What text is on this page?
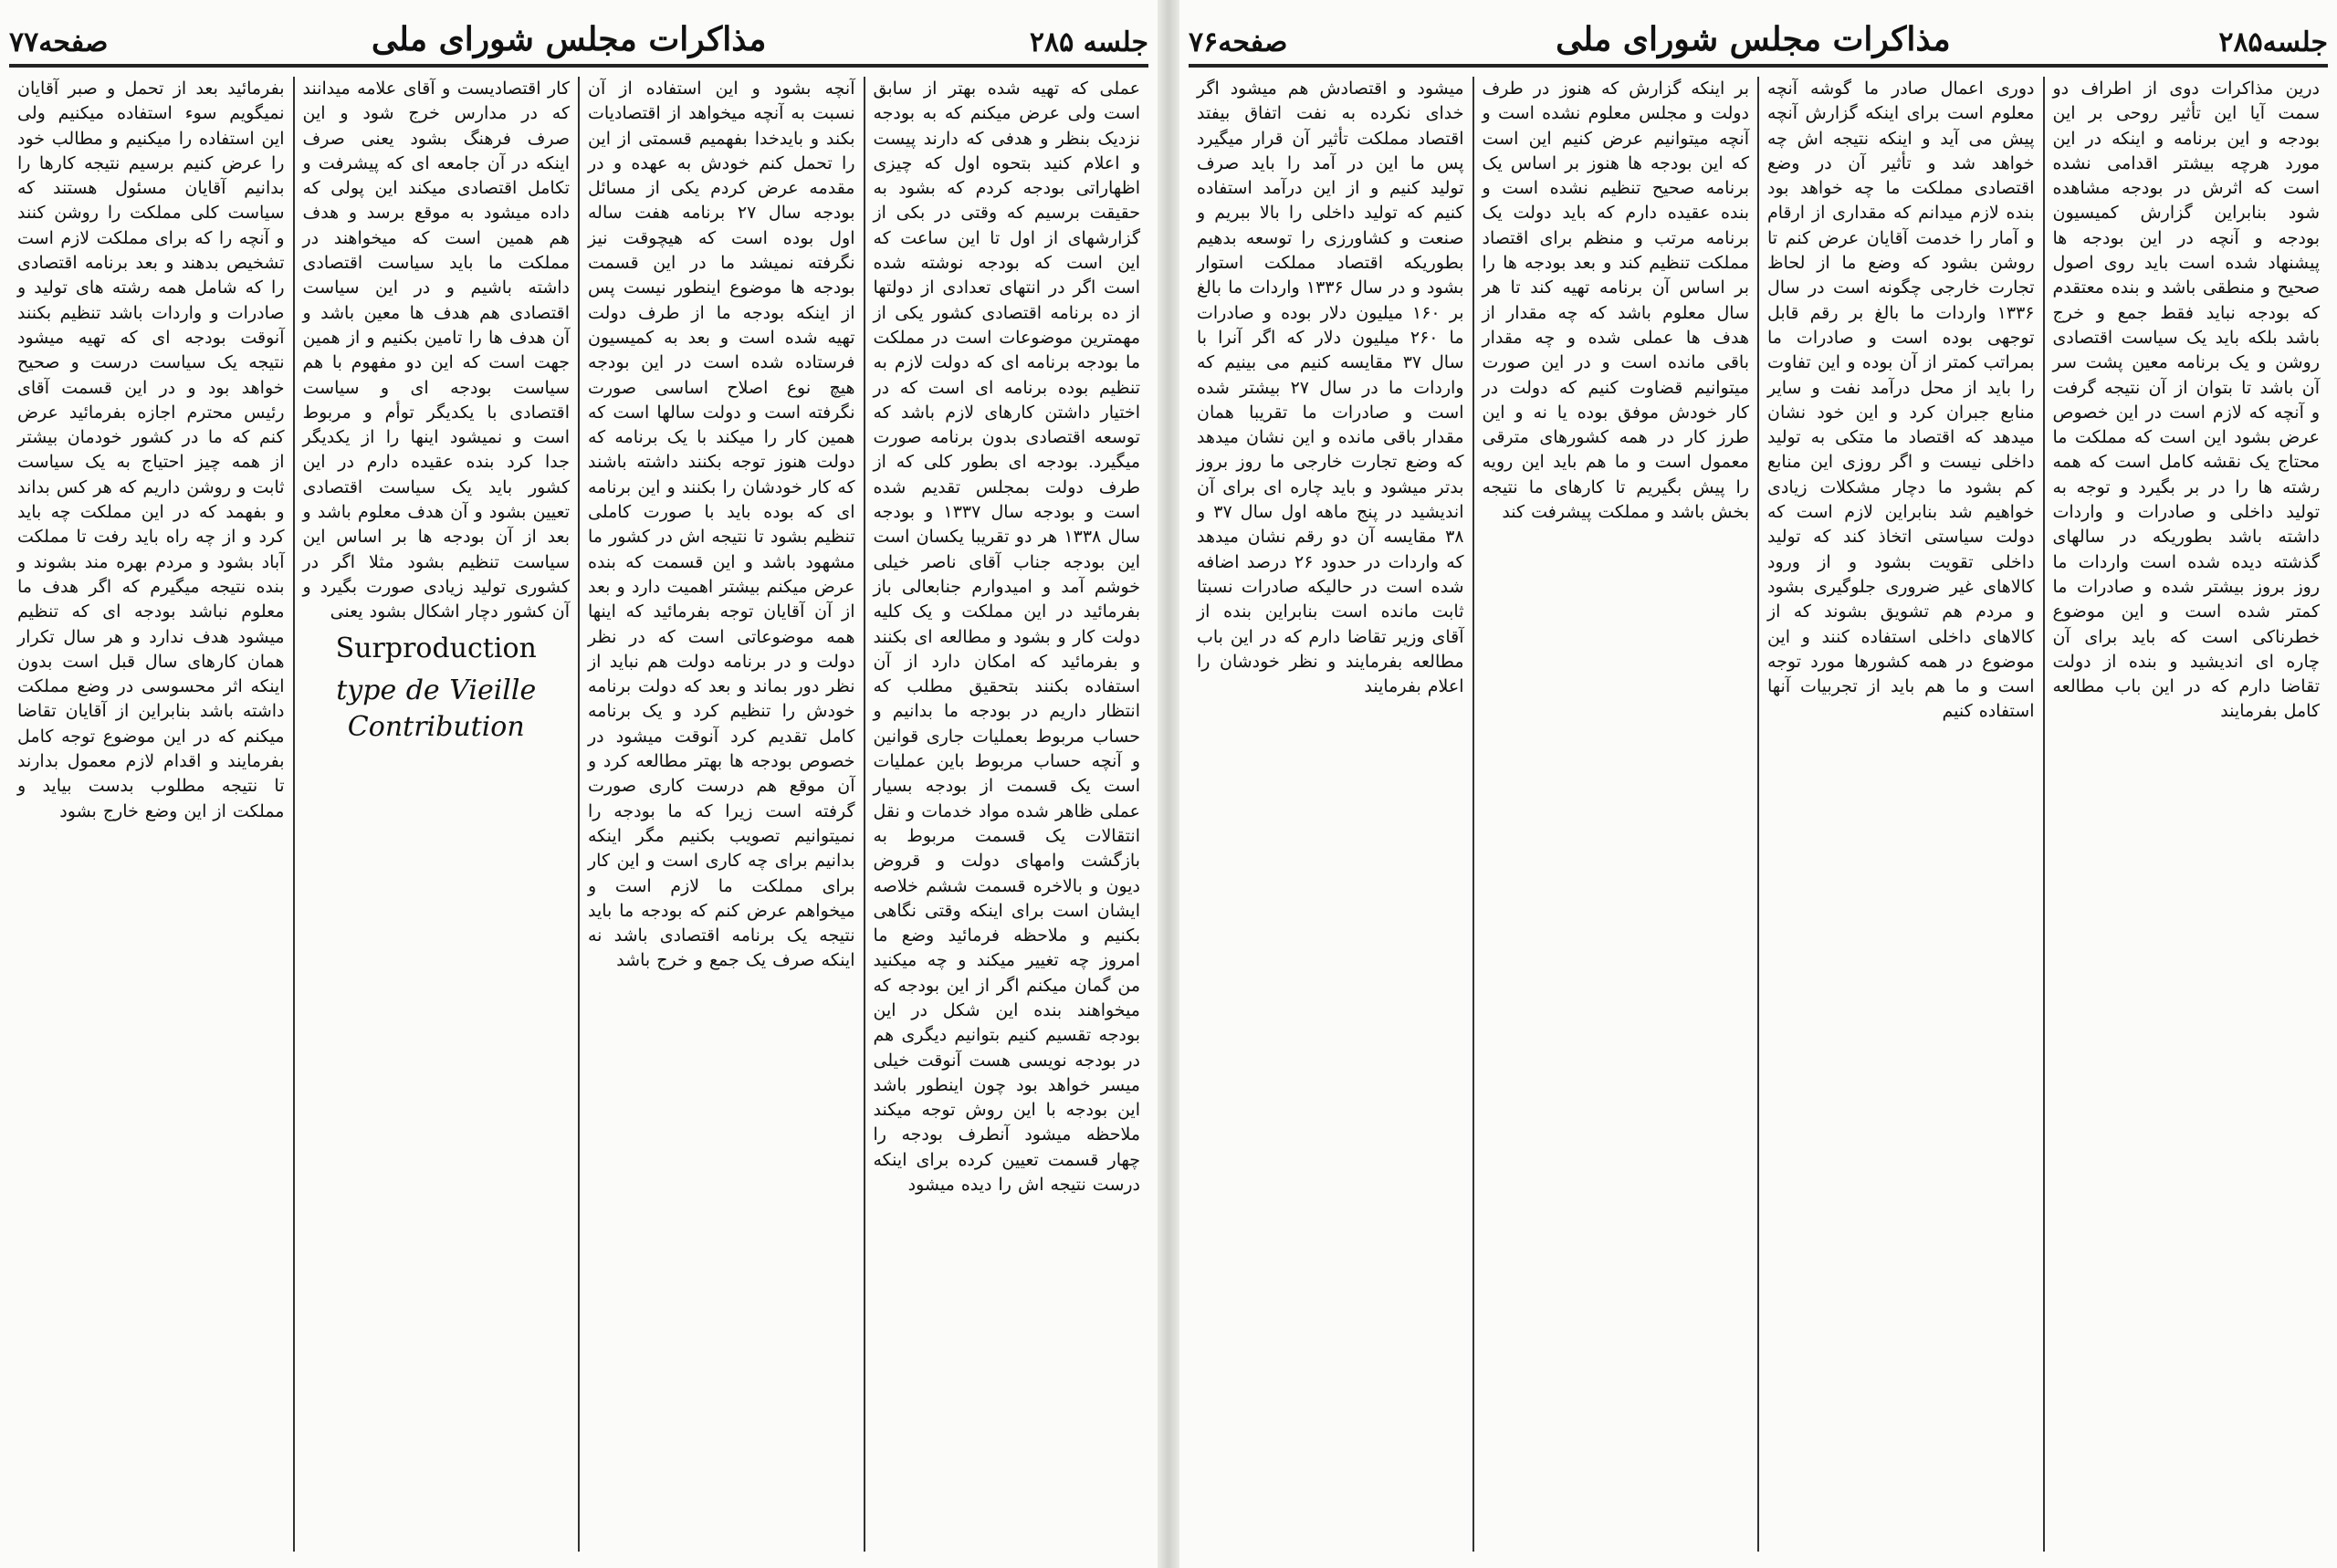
جلسه ۲۸۵
مذاکرات مجلس شورای ملی
صفحه۷۷

عملی که تهیه شده بهتر از سابق است ولی عرض میکنم که به بودجه نزدیک بنظر و هدفی که دارند پیست و اعلام کنید بتحوه اول که چیزی اظهاراتی بودجه کردم که بشود به حقیقت برسیم که وقتی در بکی از گزارشهای از اول تا این ساعت که این است که بودجه نوشته شده است اگر در انتهای تعدادی از دولتها از ده برنامه اقتصادی کشور یکی از مهمترین موضوعات است در مملکت ما بودجه برنامه ای که دولت لازم به تنظیم بوده برنامه ای است که در اختیار داشتن کارهای لازم باشد که توسعه اقتصادی بدون برنامه صورت میگیرد. بودجه ای بطور کلی که از طرف دولت بمجلس تقدیم شده است و بودجه سال ۱۳۳۷ و بودجه سال ۱۳۳۸ هر دو تقریبا یکسان است این بودجه جناب آقای ناصر خیلی خوشم آمد و امیدوارم جنابعالی باز بفرمائید در این مملکت و یک کلیه دولت کار و بشود و مطالعه ای بکنند و بفرمائید که امکان دارد از آن استفاده بکنند بتحقیق مطلب که انتظار داریم در بودجه ما بدانیم و حساب مربوط بعملیات جاری قوانین و آنچه حساب مربوط باین عملیات است یک قسمت از بودجه بسیار عملی ظاهر شده مواد خدمات و نقل انتقالات یک قسمت مربوط به بازگشت وامهای دولت و قروض دیون و بالاخره قسمت ششم خلاصه ایشان است برای اینکه وقتی نگاهی بکنیم و ملاحظه فرمائید وضع ما امروز چه تغییر میکند و چه میکنید من گمان میکنم اگر از این بودجه که میخواهند بنده این شکل در این بودجه تقسیم کنیم بتوانیم دیگری هم در بودجه نویسی هست آنوقت خیلی میسر خواهد بود چون اینطور باشد این بودجه با این روش توجه میکند ملاحظه میشود آنطرف بودجه را چهار قسمت تعیین کرده برای اینکه درست نتیجه اش را دیده میشود

آنچه بشود و این استفاده از آن نسبت به آنچه میخواهد از اقتصادیات بکند و بایدخدا بفهمیم قسمتی از این را تحمل کنم خودش به عهده و در مقدمه عرض کردم یکی از مسائل بودجه سال ۲۷ برنامه هفت ساله اول بوده است که هیچوقت نیز نگرفته نمیشد ما در این قسمت بودجه ها موضوع اینطور نیست پس از اینکه بودجه ما از طرف دولت تهیه شده است و بعد به کمیسیون فرستاده شده است در این بودجه هیچ نوع اصلاح اساسی صورت نگرفته است و دولت سالها است که همین کار را میکند با یک برنامه که دولت هنوز توجه بکنند داشته باشند که کار خودشان را بکنند و این برنامه ای که بوده باید با صورت کاملی تنظیم بشود تا نتیجه اش در کشور ما مشهود باشد و این قسمت که بنده عرض میکنم بیشتر اهمیت دارد و بعد از آن آقایان توجه بفرمائید که اینها همه موضوعاتی است که در نظر دولت و در برنامه دولت هم نباید از نظر دور بماند و بعد که دولت برنامه خودش را تنظیم کرد و یک برنامه کامل تقدیم کرد آنوقت میشود در خصوص بودجه ها بهتر مطالعه کرد و آن موقع هم درست کاری صورت گرفته است زیرا که ما بودجه را نمیتوانیم تصویب بکنیم مگر اینکه بدانیم برای چه کاری است و این کار برای مملکت ما لازم است و میخواهم عرض کنم که بودجه ما باید نتیجه یک برنامه اقتصادی باشد نه اینکه صرف یک جمع و خرج باشد

کار اقتصادیست و آقای علامه میدانند که در مدارس خرج شود و این صرف فرهنگ بشود یعنی صرف اینکه در آن جامعه ای که پیشرفت و تکامل اقتصادی میکند این پولی که داده میشود به موقع برسد و هدف هم همین است که میخواهند در مملکت ما باید سیاست اقتصادی داشته باشیم و در این سیاست اقتصادی هم هدف ها معین باشد و آن هدف ها را تامین بکنیم و از همین جهت است که این دو مفهوم با هم سیاست بودجه ای و سیاست اقتصادی با یکدیگر توأم و مربوط است و نمیشود اینها را از یکدیگر جدا کرد بنده عقیده دارم در این کشور باید یک سیاست اقتصادی تعیین بشود و آن هدف معلوم باشد و بعد از آن بودجه ها بر اساس این سیاست تنظیم بشود مثلا اگر در کشوری تولید زیادی صورت بگیرد و آن کشور دچار اشکال بشود یعنی

Surproduction
type de Vieille Contribution

بفرمائید بعد از تحمل و صبر آقایان نمیگویم سوء استفاده میکنیم ولی این استفاده را میکنیم و مطالب خود را عرض کنیم برسیم نتیجه کارها را بدانیم آقایان مسئول هستند که سیاست کلی مملکت را روشن کنند و آنچه را که برای مملکت لازم است تشخیص بدهند و بعد برنامه اقتصادی را که شامل همه رشته های تولید و صادرات و واردات باشد تنظیم بکنند آنوقت بودجه ای که تهیه میشود نتیجه یک سیاست درست و صحیح خواهد بود و در این قسمت آقای رئیس محترم اجازه بفرمائید عرض کنم که ما در کشور خودمان بیشتر از همه چیز احتیاج به یک سیاست ثابت و روشن داریم که هر کس بداند و بفهمد که در این مملکت چه باید کرد و از چه راه باید رفت تا مملکت آباد بشود و مردم بهره مند بشوند و بنده نتیجه میگیرم که اگر هدف ما معلوم نباشد بودجه ای که تنظیم میشود هدف ندارد و هر سال تکرار همان کارهای سال قبل است بدون اینکه اثر محسوسی در وضع مملکت داشته باشد بنابراین از آقایان تقاضا میکنم که در این موضوع توجه کامل بفرمایند و اقدام لازم معمول بدارند تا نتیجه مطلوب بدست بیاید و مملکت از این وضع خارج بشود

جلسه۲۸۵
مذاکرات مجلس شورای ملی
صفحه۷۶

درین مذاکرات دوی از اطراف دو سمت آیا این تأثیر روحی بر این بودجه و این برنامه و اینکه در این مورد هرچه بیشتر اقدامی نشده است که اثرش در بودجه مشاهده شود بنابراین گزارش کمیسیون بودجه و آنچه در این بودجه ها پیشنهاد شده است باید روی اصول صحیح و منطقی باشد و بنده معتقدم که بودجه نباید فقط جمع و خرج باشد بلکه باید یک سیاست اقتصادی روشن و یک برنامه معین پشت سر آن باشد تا بتوان از آن نتیجه گرفت و آنچه که لازم است در این خصوص عرض بشود این است که مملکت ما محتاج یک نقشه کامل است که همه رشته ها را در بر بگیرد و توجه به تولید داخلی و صادرات و واردات داشته باشد بطوریکه در سالهای گذشته دیده شده است واردات ما روز بروز بیشتر شده و صادرات ما کمتر شده است و این موضوع خطرناکی است که باید برای آن چاره ای اندیشید و بنده از دولت تقاضا دارم که در این باب مطالعه کامل بفرمایند

دوری اعمال صادر ما گوشه آنچه معلوم است برای اینکه گزارش آنچه پیش می آید و اینکه نتیجه اش چه خواهد شد و تأثیر آن در وضع اقتصادی مملکت ما چه خواهد بود بنده لازم میدانم که مقداری از ارقام و آمار را خدمت آقایان عرض کنم تا روشن بشود که وضع ما از لحاظ تجارت خارجی چگونه است در سال ۱۳۳۶ واردات ما بالغ بر رقم قابل توجهی بوده است و صادرات ما بمراتب کمتر از آن بوده و این تفاوت را باید از محل درآمد نفت و سایر منابع جبران کرد و این خود نشان میدهد که اقتصاد ما متکی به تولید داخلی نیست و اگر روزی این منابع کم بشود ما دچار مشکلات زیادی خواهیم شد بنابراین لازم است که دولت سیاستی اتخاذ کند که تولید داخلی تقویت بشود و از ورود کالاهای غیر ضروری جلوگیری بشود و مردم هم تشویق بشوند که از کالاهای داخلی استفاده کنند و این موضوع در همه کشورها مورد توجه است و ما هم باید از تجربیات آنها استفاده کنیم

بر اینکه گزارش که هنوز در طرف دولت و مجلس معلوم نشده است و آنچه میتوانیم عرض کنیم این است که این بودجه ها هنوز بر اساس یک برنامه صحیح تنظیم نشده است و بنده عقیده دارم که باید دولت یک برنامه مرتب و منظم برای اقتصاد مملکت تنظیم کند و بعد بودجه ها را بر اساس آن برنامه تهیه کند تا هر سال معلوم باشد که چه مقدار از هدف ها عملی شده و چه مقدار باقی مانده است و در این صورت میتوانیم قضاوت کنیم که دولت در کار خودش موفق بوده یا نه و این طرز کار در همه کشورهای مترقی معمول است و ما هم باید این رویه را پیش بگیریم تا کارهای ما نتیجه بخش باشد و مملکت پیشرفت کند

میشود و اقتصادش هم میشود اگر خدای نکرده به نفت اتفاق بیفتد اقتصاد مملکت تأثیر آن قرار میگیرد پس ما این در آمد را باید صرف تولید کنیم و از این درآمد استفاده کنیم که تولید داخلی را بالا ببریم و صنعت و کشاورزی را توسعه بدهیم بطوریکه اقتصاد مملکت استوار بشود و در سال ۱۳۳۶ واردات ما بالغ بر ۱۶۰ میلیون دلار بوده و صادرات ما ۲۶۰ میلیون دلار که اگر آنرا با سال ۳۷ مقایسه کنیم می بینیم که واردات ما در سال ۲۷ بیشتر شده است و صادرات ما تقریبا همان مقدار باقی مانده و این نشان میدهد که وضع تجارت خارجی ما روز بروز بدتر میشود و باید چاره ای برای آن اندیشید در پنج ماهه اول سال ۳۷ و ۳۸ مقایسه آن دو رقم نشان میدهد که واردات در حدود ۲۶ درصد اضافه شده است در حالیکه صادرات نسبتا ثابت مانده است بنابراین بنده از آقای وزیر تقاضا دارم که در این باب مطالعه بفرمایند و نظر خودشان را اعلام بفرمایند
